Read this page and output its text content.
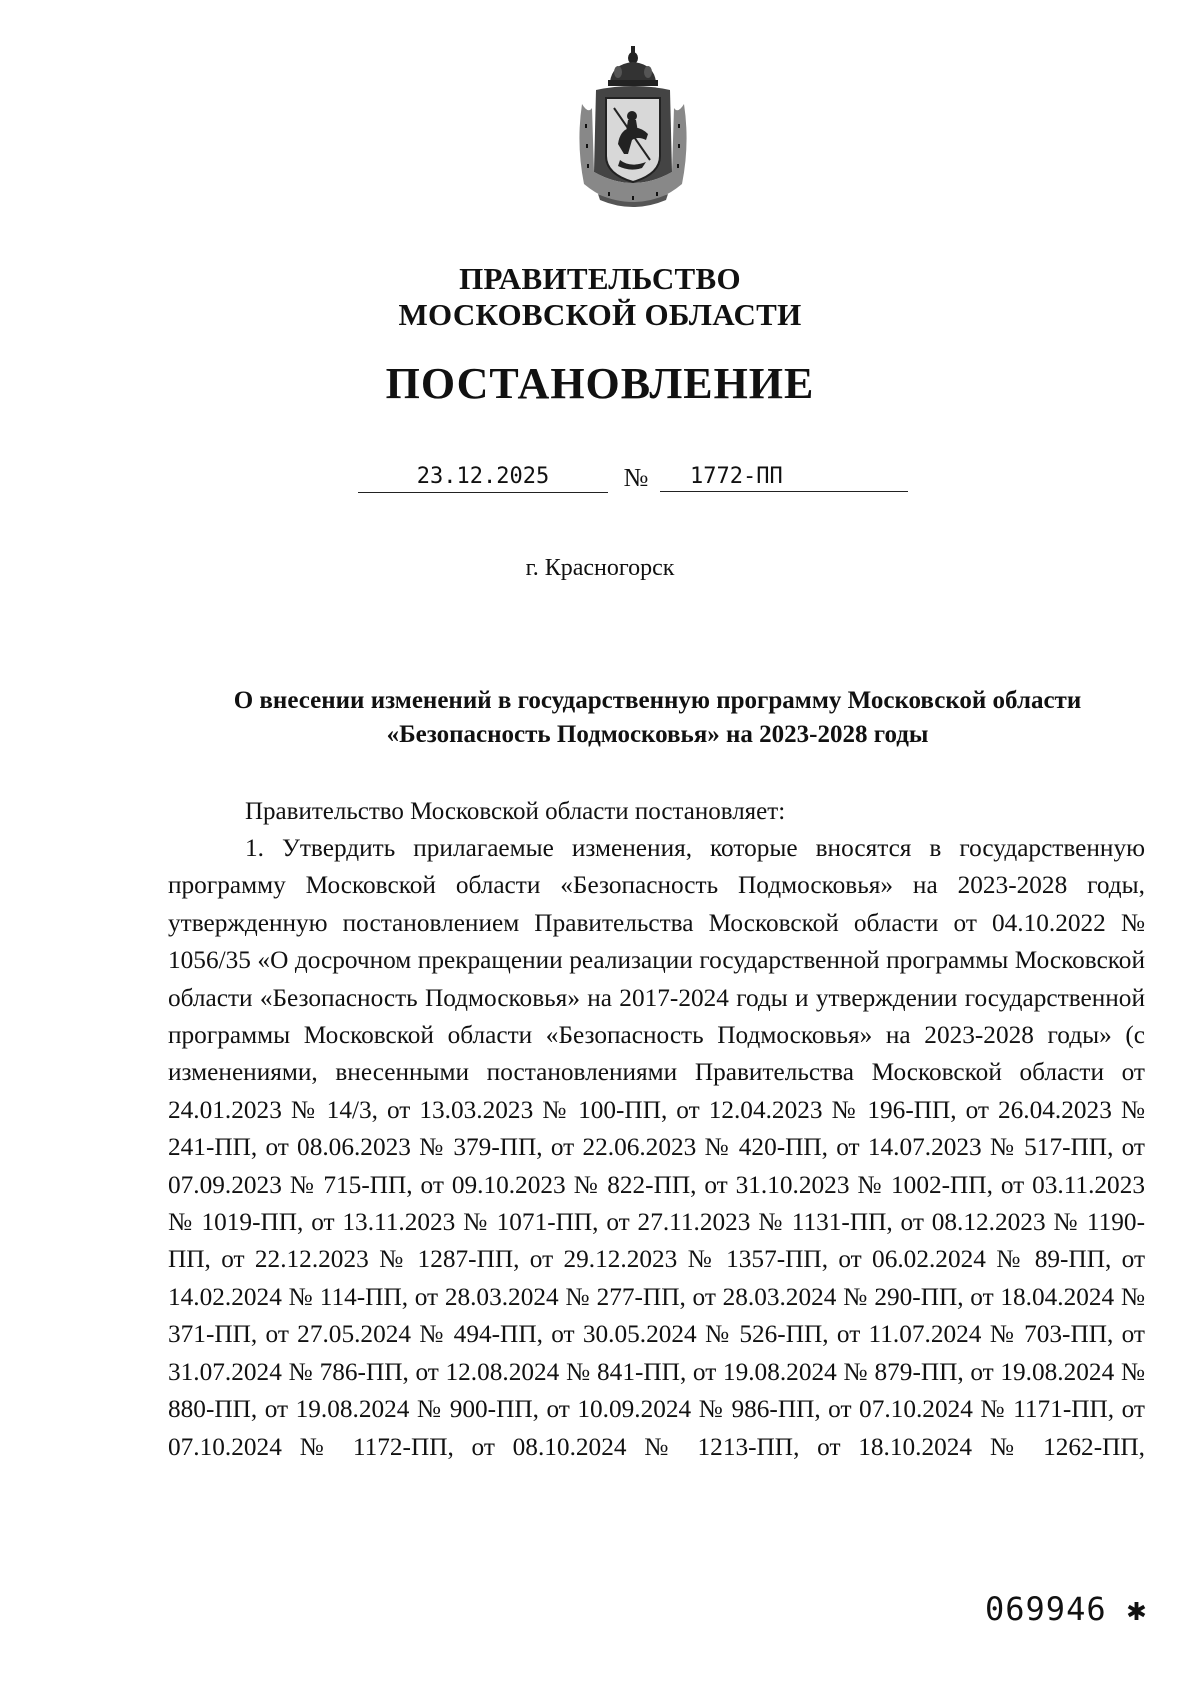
ПРАВИТЕЛЬСТВО
МОСКОВСКОЙ ОБЛАСТИ
ПОСТАНОВЛЕНИЕ
23.12.2025	№	1772-ПП
г. Красногорск
О внесении изменений в государственную программу Московской области
«Безопасность Подмосковья» на 2023-2028 годы
Правительство Московской области постановляет:

1. Утвердить прилагаемые изменения, которые вносятся в государственную программу Московской области «Безопасность Подмосковья» на 2023-2028 годы, утвержденную постановлением Правительства Московской области от 04.10.2022 № 1056/35 «О досрочном прекращении реализации государственной программы Московской области «Безопасность Подмосковья» на 2017-2024 годы и утверждении государственной программы Московской области «Безопасность Подмосковья» на 2023-2028 годы» (с изменениями, внесенными постановлениями Правительства Московской области от 24.01.2023 № 14/3, от 13.03.2023 № 100-ПП, от 12.04.2023 № 196-ПП, от 26.04.2023 № 241-ПП, от 08.06.2023 № 379-ПП, от 22.06.2023 № 420-ПП, от 14.07.2023 № 517-ПП, от 07.09.2023 № 715-ПП, от 09.10.2023 № 822-ПП, от 31.10.2023 № 1002-ПП, от 03.11.2023 № 1019-ПП, от 13.11.2023 № 1071-ПП, от 27.11.2023 № 1131-ПП, от 08.12.2023 № 1190-ПП, от 22.12.2023 № 1287-ПП, от 29.12.2023 № 1357-ПП, от 06.02.2024 № 89-ПП, от 14.02.2024 № 114-ПП, от 28.03.2024 № 277-ПП, от 28.03.2024 № 290-ПП, от 18.04.2024 № 371-ПП, от 27.05.2024 № 494-ПП, от 30.05.2024 № 526-ПП, от 11.07.2024 № 703-ПП, от 31.07.2024 № 786-ПП, от 12.08.2024 № 841-ПП, от 19.08.2024 № 879-ПП, от 19.08.2024 № 880-ПП, от 19.08.2024 № 900-ПП, от 10.09.2024 № 986-ПП, от 07.10.2024 № 1171-ПП, от 07.10.2024 № 1172-ПП, от 08.10.2024 № 1213-ПП, от 18.10.2024 № 1262-ПП,

069946 ✱
